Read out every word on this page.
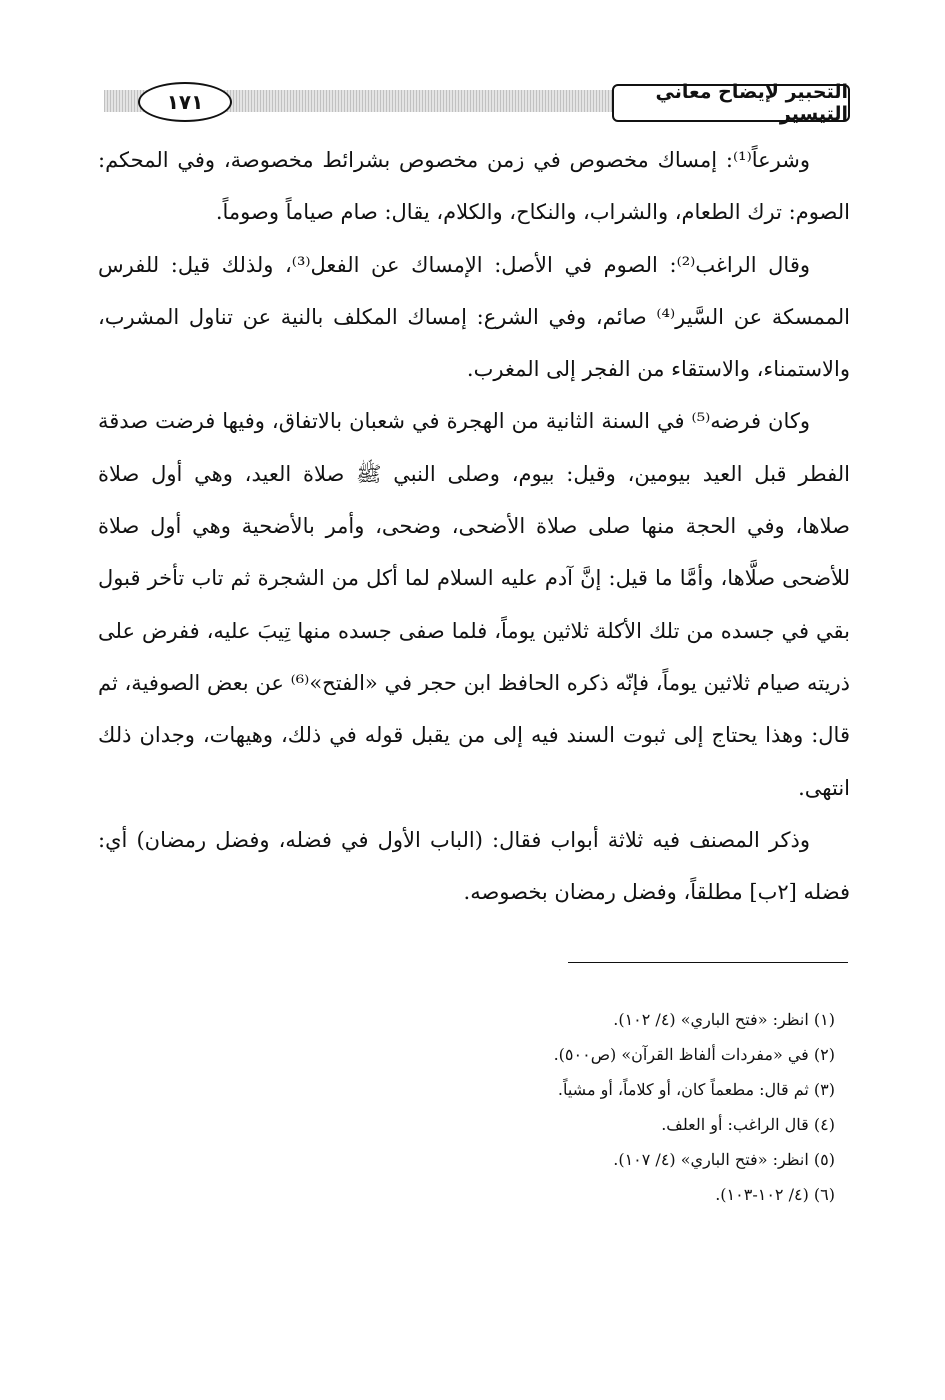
١٧١	التحبير لإيضاح معاني التيسير
وشرعاً⁽¹⁾: إمساك مخصوص في زمن مخصوص بشرائط مخصوصة، وفي المحكم:
الصوم: ترك الطعام، والشراب، والنكاح، والكلام، يقال: صام صياماً وصوماً.
وقال الراغب⁽²⁾: الصوم في الأصل: الإمساك عن الفعل⁽³⁾، ولذلك قيل: للفرس
الممسكة عن السَّير⁽⁴⁾ صائم، وفي الشرع: إمساك المكلف بالنية عن تناول المشرب،
والاستمناء، والاستقاء من الفجر إلى المغرب.
وكان فرضه⁽⁵⁾ في السنة الثانية من الهجرة في شعبان بالاتفاق، وفيها فرضت صدقة
الفطر قبل العيد بيومين، وقيل: بيوم، وصلى النبي ﷺ صلاة العيد، وهي أول صلاة
صلاها، وفي الحجة منها صلى صلاة الأضحى، وضحى، وأمر بالأضحية وهي أول صلاة
للأضحى صلَّاها، وأمَّا ما قيل: إنَّ آدم عليه السلام لما أكل من الشجرة ثم تاب تأخر قبول
بقي في جسده من تلك الأكلة ثلاثين يوماً، فلما صفى جسده منها تِيبَ عليه، ففرض على
ذريته صيام ثلاثين يوماً، فإنّه ذكره الحافظ ابن حجر في «الفتح»⁽⁶⁾ عن بعض الصوفية، ثم
قال: وهذا يحتاج إلى ثبوت السند فيه إلى من يقبل قوله في ذلك، وهيهات، وجدان ذلك
انتهى.
وذكر المصنف فيه ثلاثة أبواب فقال: (الباب الأول في فضله، وفضل رمضان) أي:
فضله [٢ب] مطلقاً، وفضل رمضان بخصوصه.
(١) انظر: «فتح الباري» (٤/ ١٠٢).
(٢) في «مفردات ألفاظ القرآن» (ص٥٠٠).
(٣) ثم قال: مطعماً كان، أو كلاماً، أو مشياً.
(٤) قال الراغب: أو العلف.
(٥) انظر: «فتح الباري» (٤/ ١٠٧).
(٦) (٤/ ١٠٢-١٠٣).
